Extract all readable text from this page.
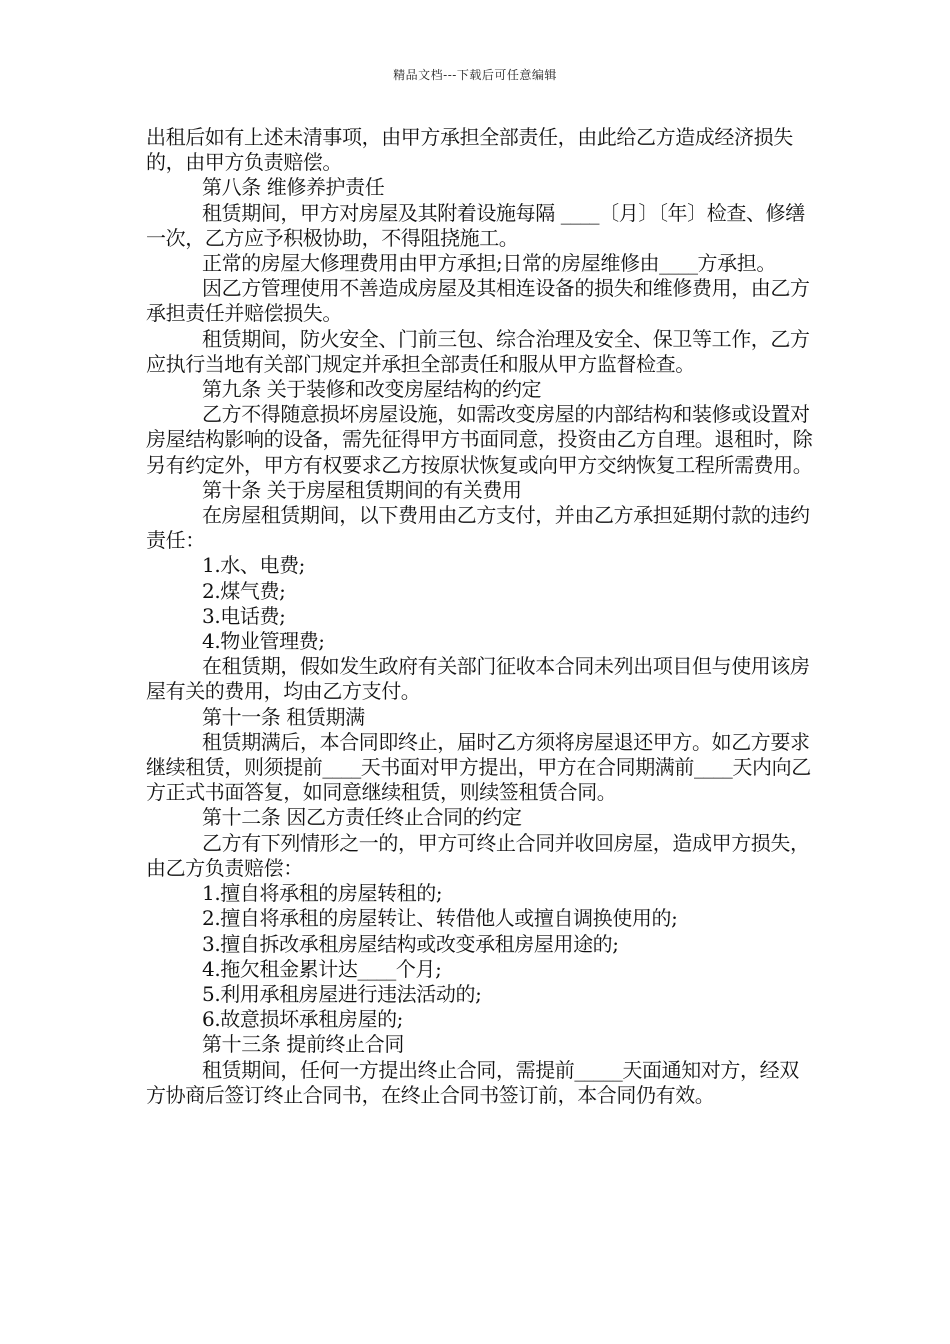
精品文档---下载后可任意编辑

出租后如有上述未清事项，由甲方承担全部责任，由此给乙方造成经济损失的，由甲方负责赔偿。

第八条 维修养护责任

租赁期间，甲方对房屋及其附着设施每隔 ____〔月〕〔年〕检查、修缮一次，乙方应予积极协助，不得阻挠施工。

正常的房屋大修理费用由甲方承担;日常的房屋维修由____方承担。

因乙方管理使用不善造成房屋及其相连设备的损失和维修费用，由乙方承担责任并赔偿损失。

租赁期间，防火安全、门前三包、综合治理及安全、保卫等工作，乙方应执行当地有关部门规定并承担全部责任和服从甲方监督检查。

第九条 关于装修和改变房屋结构的约定

乙方不得随意损坏房屋设施，如需改变房屋的内部结构和装修或设置对房屋结构影响的设备，需先征得甲方书面同意，投资由乙方自理。退租时，除另有约定外，甲方有权要求乙方按原状恢复或向甲方交纳恢复工程所需费用。

第十条 关于房屋租赁期间的有关费用

在房屋租赁期间，以下费用由乙方支付，并由乙方承担延期付款的违约责任：

1.水、电费;

2.煤气费;

3.电话费;

4.物业管理费;

在租赁期，假如发生政府有关部门征收本合同未列出项目但与使用该房屋有关的费用，均由乙方支付。

第十一条 租赁期满

租赁期满后，本合同即终止，届时乙方须将房屋退还甲方。如乙方要求继续租赁，则须提前____天书面对甲方提出，甲方在合同期满前____天内向乙方正式书面答复，如同意继续租赁，则续签租赁合同。

第十二条 因乙方责任终止合同的约定

乙方有下列情形之一的，甲方可终止合同并收回房屋，造成甲方损失，由乙方负责赔偿：

1.擅自将承租的房屋转租的;

2.擅自将承租的房屋转让、转借他人或擅自调换使用的;

3.擅自拆改承租房屋结构或改变承租房屋用途的;

4.拖欠租金累计达____个月;

5.利用承租房屋进行违法活动的;

6.故意损坏承租房屋的;

第十三条 提前终止合同

租赁期间，任何一方提出终止合同，需提前_____天面通知对方，经双方协商后签订终止合同书，在终止合同书签订前，本合同仍有效。
